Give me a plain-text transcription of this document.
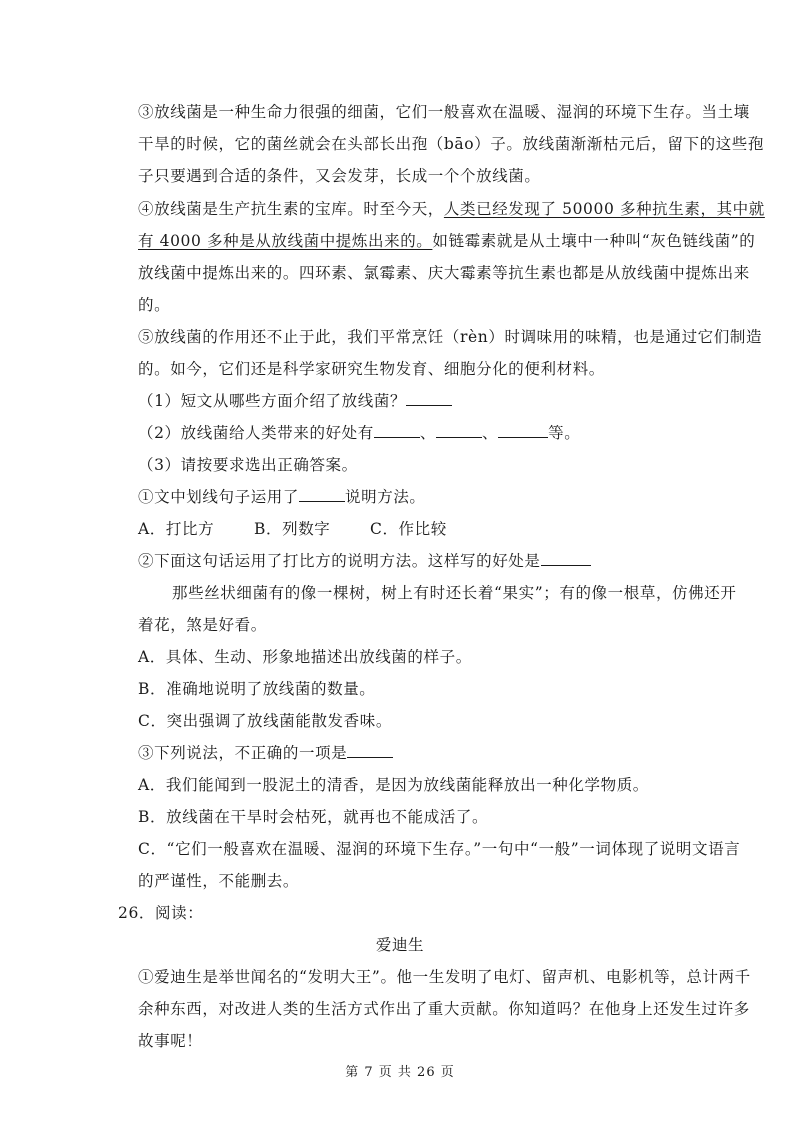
③放线菌是一种生命力很强的细菌，它们一般喜欢在温暖、湿润的环境下生存。当土壤
干旱的时候，它的菌丝就会在头部长出孢（bāo）子。放线菌渐渐枯元后，留下的这些孢
子只要遇到合适的条件，又会发芽，长成一个个放线菌。
④放线菌是生产抗生素的宝库。时至今天，人类已经发现了 50000 多种抗生素，其中就
有 4000 多种是从放线菌中提炼出来的。如链霉素就是从土壤中一种叫“灰色链线菌”的
放线菌中提炼出来的。四环素、氯霉素、庆大霉素等抗生素也都是从放线菌中提炼出来
的。
⑤放线菌的作用还不止于此，我们平常烹饪（rèn）时调味用的味精，也是通过它们制造
的。如今，它们还是科学家研究生物发育、细胞分化的便利材料。
（1）短文从哪些方面介绍了放线菌？
（2）放线菌给人类带来的好处有	、	、	等。
（3）请按要求选出正确答案。
①文中划线句子运用了	说明方法。
A．打比方	B．列数字	C．作比较
②下面这句话运用了打比方的说明方法。这样写的好处是
那些丝状细菌有的像一棵树，树上有时还长着“果实”；有的像一根草，仿佛还开
着花，煞是好看。
A．具体、生动、形象地描述出放线菌的样子。
B．准确地说明了放线菌的数量。
C．突出强调了放线菌能散发香味。
③下列说法，不正确的一项是
A．我们能闻到一股泥土的清香，是因为放线菌能释放出一种化学物质。
B．放线菌在干旱时会枯死，就再也不能成活了。
C．“它们一般喜欢在温暖、湿润的环境下生存。”一句中“一般”一词体现了说明文语言
的严谨性，不能删去。
26．阅读：
爱迪生
①爱迪生是举世闻名的“发明大王”。他一生发明了电灯、留声机、电影机等，总计两千
余种东西，对改进人类的生活方式作出了重大贡献。你知道吗？在他身上还发生过许多
故事呢！
第 7 页 共 26 页
